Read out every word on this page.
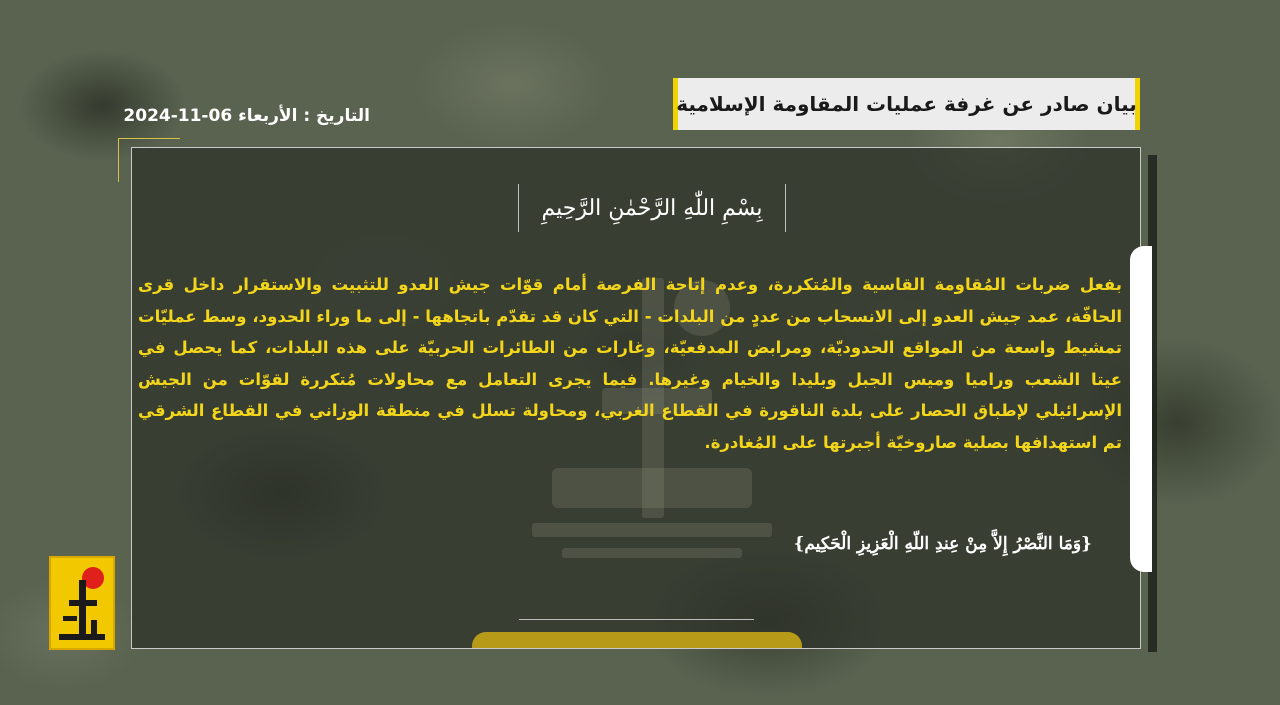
بيان صادر عن غرفة عمليات المقاومة الإسلامية
التاريخ : الأربعاء 2024-11-06
بِسْمِ اللّٰهِ الرَّحْمٰنِ الرَّحِيمِ

بفعل ضربات المُقاومة القاسية والمُتكررة، وعدم إتاحة الفرصة أمام قوّات جيش العدو للتثبيت والاستقرار داخل قرى الحافّة، عمد جيش العدو إلى الانسحاب من عددٍ من البلدات - التي كان قد تقدّم باتجاهها - إلى ما وراء الحدود، وسط عمليّات تمشيط واسعة من المواقع الحدوديّة، ومرابض المدفعيّة، وغارات من الطائرات الحربيّة على هذه البلدات، كما يحصل في عيتا الشعب وراميا وميس الجبل وبليدا والخيام وغيرها. فيما يجرى التعامل مع محاولات مُتكررة لقوّات من الجيش الإسرائيلي لإطباق الحصار على بلدة الناقورة في القطاع الغربي، ومحاولة تسلل في منطقة الوزاني في القطاع الشرقي تم استهدافها بصلية صاروخيّة أجبرتها على المُغادرة.

{وَمَا النَّصْرُ إِلاَّ مِنْ عِندِ اللّهِ الْعَزِيزِ الْحَكِيم}
